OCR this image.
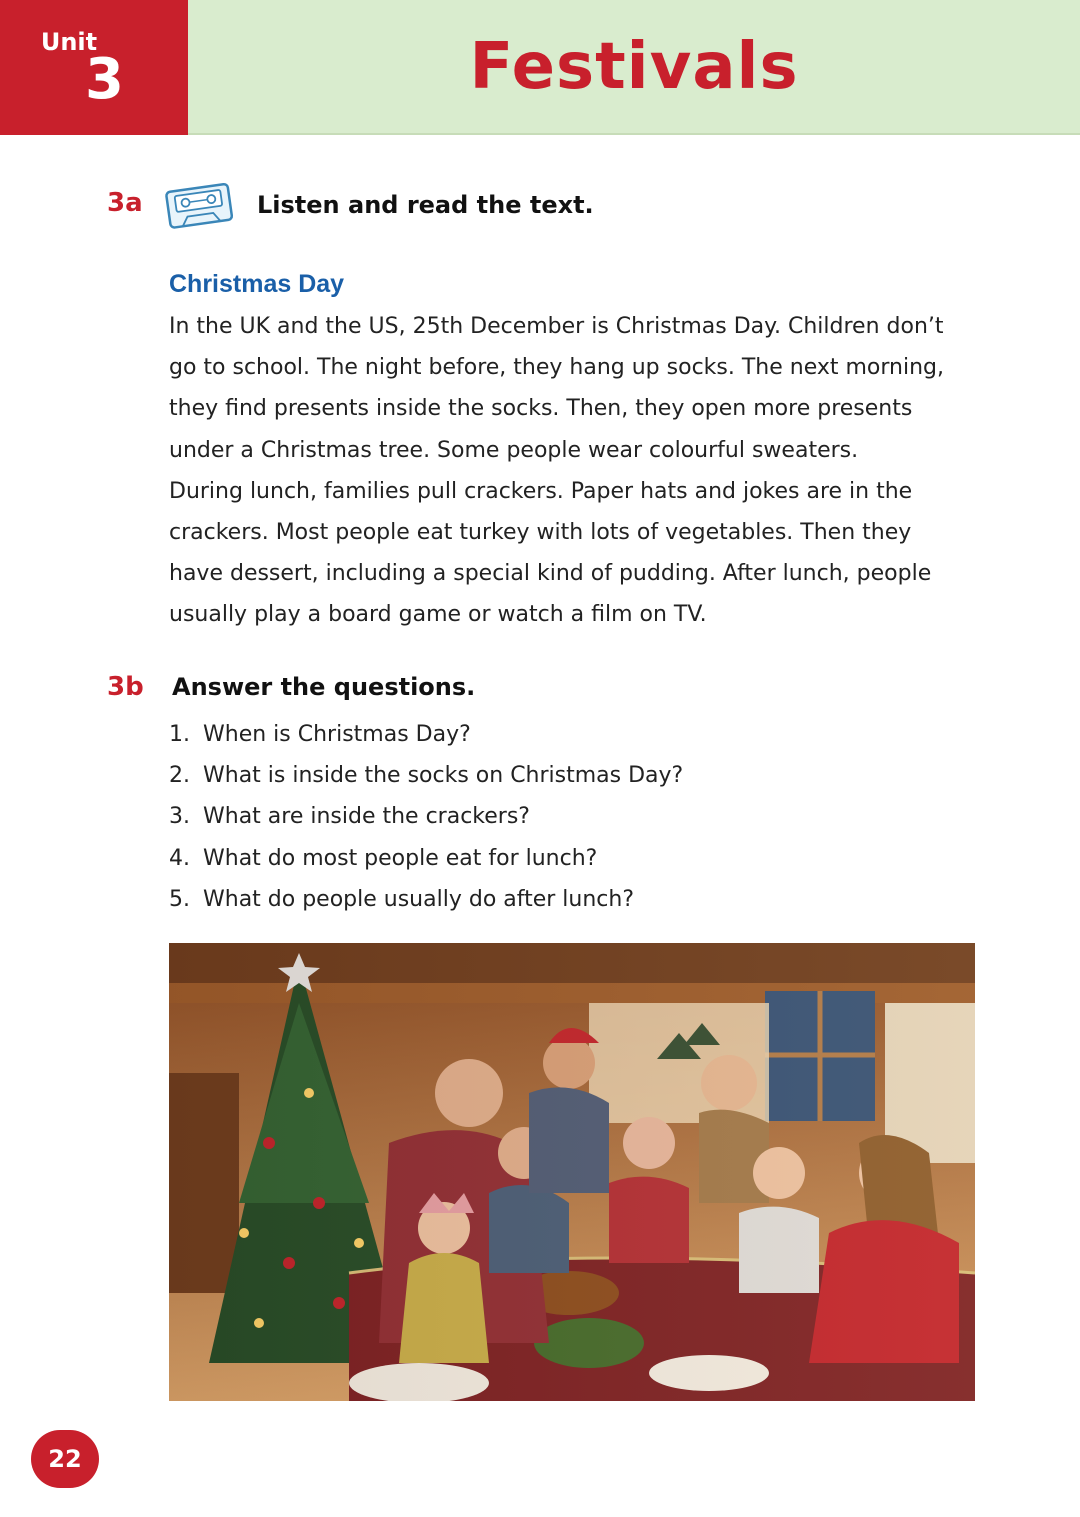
Unit
3	Festivals
3a	Listen and read the text.
Christmas Day

In the UK and the US, 25th December is Christmas Day. Children don’t go to school. The night before, they hang up socks. The next morning, they find presents inside the socks. Then, they open more presents under a Christmas tree. Some people wear colourful sweaters.

During lunch, families pull crackers. Paper hats and jokes are in the crackers. Most people eat turkey with lots of vegetables. Then they have dessert, including a special kind of pudding. After lunch, people usually play a board game or watch a film on TV.

3b Answer the questions.
1. When is Christmas Day?
2. What is inside the socks on Christmas Day?
3. What are inside the crackers?
4. What do most people eat for lunch?
5. What do people usually do after lunch?
22
